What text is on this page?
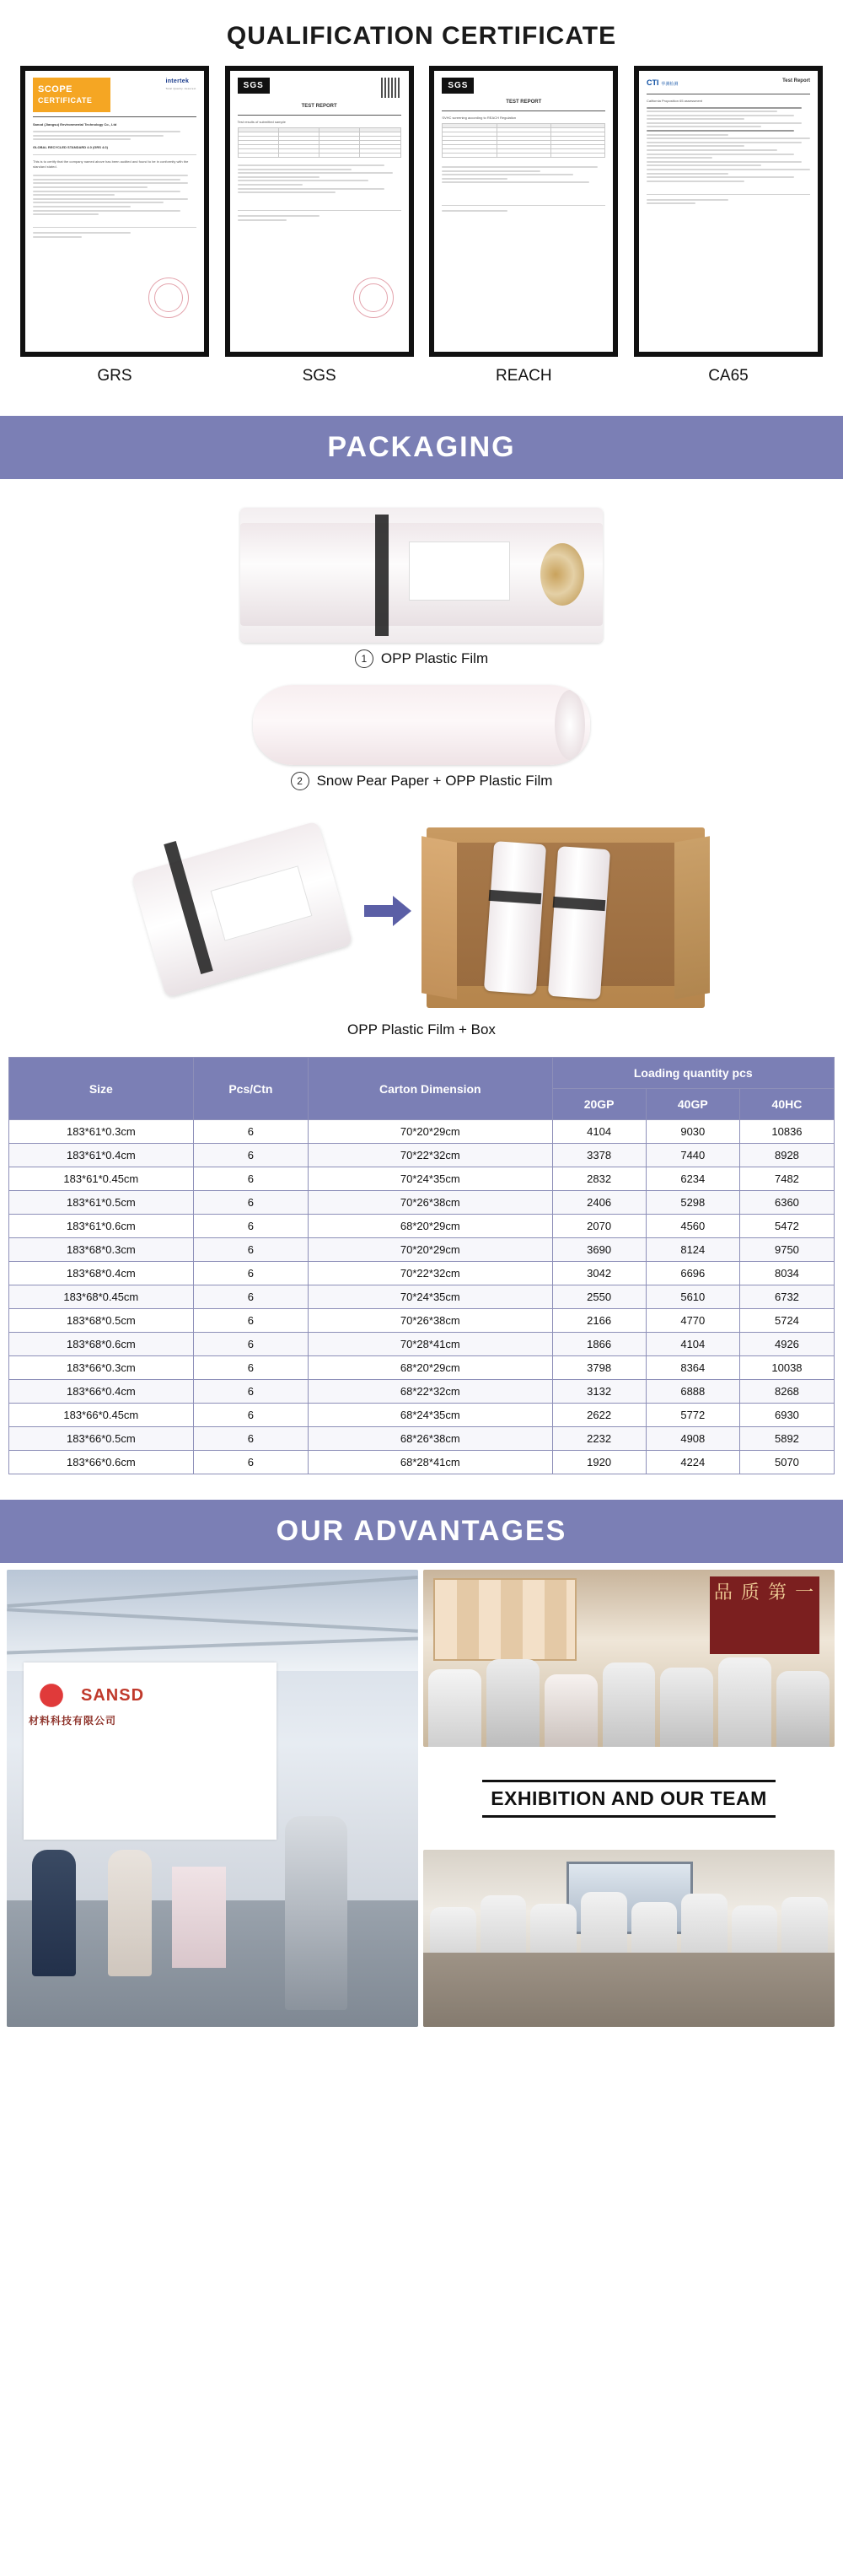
QUALIFICATION CERTIFICATE
SCOPE
CERTIFICATE
intertek
Total Quality. Assured.
Sanod (Jiangsu) Environmental Technology Co., Ltd
GLOBAL RECYCLED STANDARD 4.0 (GRS 4.0)
This is to certify that the company named above has been audited and found to be in conformity with the standard stated.
GRS
SGS
TEST REPORT
Test results of submitted sample

SGS
SGS

TEST REPORT
SVHC screening according to REACH Regulation

REACH
CTI 华测检测
Test Report
California Proposition 65 assessment
CA65
PACKAGING
1 OPP Plastic Film
2 Snow Pear Paper + OPP Plastic Film
OPP Plastic Film + Box
Size	Pcs/Ctn	Carton Dimension	Loading quantity pcs		
			20GP	40GP	40HC
183*61*0.3cm	6	70*20*29cm	4104	9030	10836
183*61*0.4cm	6	70*22*32cm	3378	7440	8928
183*61*0.45cm	6	70*24*35cm	2832	6234	7482
183*61*0.5cm	6	70*26*38cm	2406	5298	6360
183*61*0.6cm	6	68*20*29cm	2070	4560	5472
183*68*0.3cm	6	70*20*29cm	3690	8124	9750
183*68*0.4cm	6	70*22*32cm	3042	6696	8034
183*68*0.45cm	6	70*24*35cm	2550	5610	6732
183*68*0.5cm	6	70*26*38cm	2166	4770	5724
183*68*0.6cm	6	70*28*41cm	1866	4104	4926
183*66*0.3cm	6	68*20*29cm	3798	8364	10038
183*66*0.4cm	6	68*22*32cm	3132	6888	8268
183*66*0.45cm	6	68*24*35cm	2622	5772	6930
183*66*0.5cm	6	68*26*38cm	2232	4908	5892
183*66*0.6cm	6	68*28*41cm	1920	4224	5070
OUR ADVANTAGES
SANSD
材料科技有限公司
品 质 第 一
EXHIBITION AND OUR TEAM
